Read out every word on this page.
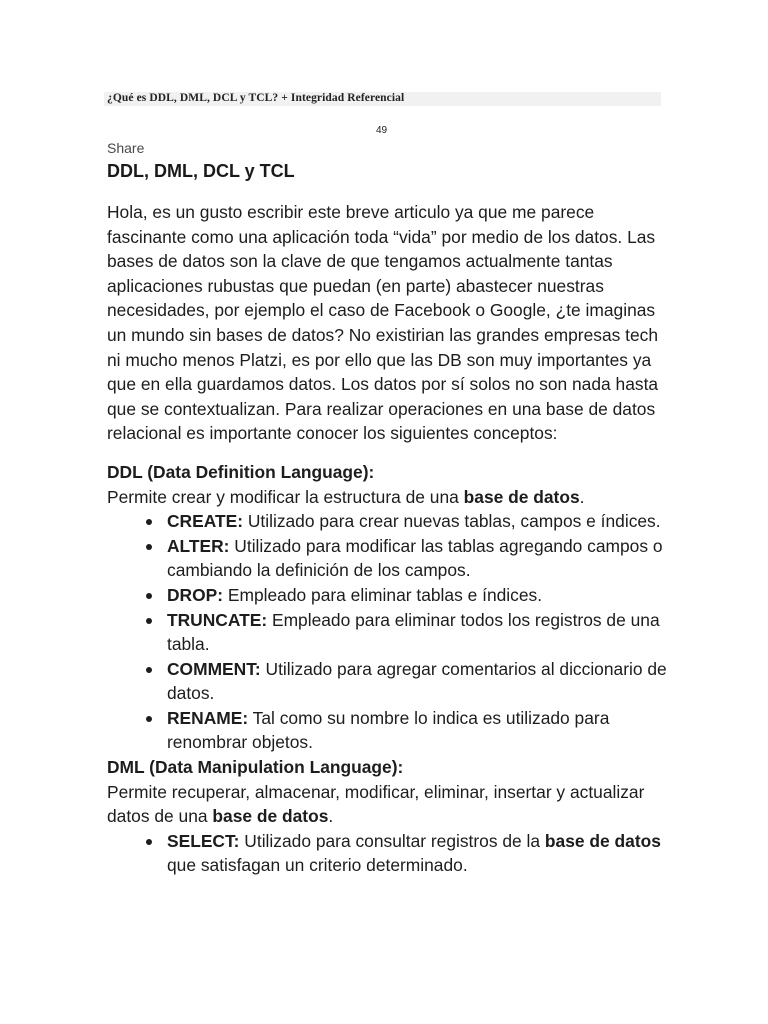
¿Qué es DDL, DML, DCL y TCL? + Integridad Referencial
49
Share
DDL, DML, DCL y TCL

Hola, es un gusto escribir este breve articulo ya que me parece fascinante como una aplicación toda “vida” por medio de los datos. Las bases de datos son la clave de que tengamos actualmente tantas aplicaciones rubustas que puedan (en parte) abastecer nuestras necesidades, por ejemplo el caso de Facebook o Google, ¿te imaginas un mundo sin bases de datos? No existirian las grandes empresas tech ni mucho menos Platzi, es por ello que las DB son muy importantes ya que en ella guardamos datos. Los datos por sí solos no son nada hasta que se contextualizan. Para realizar operaciones en una base de datos relacional es importante conocer los siguientes conceptos:

DDL (Data Definition Language):

Permite crear y modificar la estructura de una base de datos.

CREATE: Utilizado para crear nuevas tablas, campos e índices.
ALTER: Utilizado para modificar las tablas agregando campos o cambiando la definición de los campos.
DROP: Empleado para eliminar tablas e índices.
TRUNCATE: Empleado para eliminar todos los registros de una tabla.
COMMENT: Utilizado para agregar comentarios al diccionario de datos.
RENAME: Tal como su nombre lo indica es utilizado para renombrar objetos.
DML (Data Manipulation Language):

Permite recuperar, almacenar, modificar, eliminar, insertar y actualizar datos de una base de datos.

SELECT: Utilizado para consultar registros de la base de datos que satisfagan un criterio determinado.
